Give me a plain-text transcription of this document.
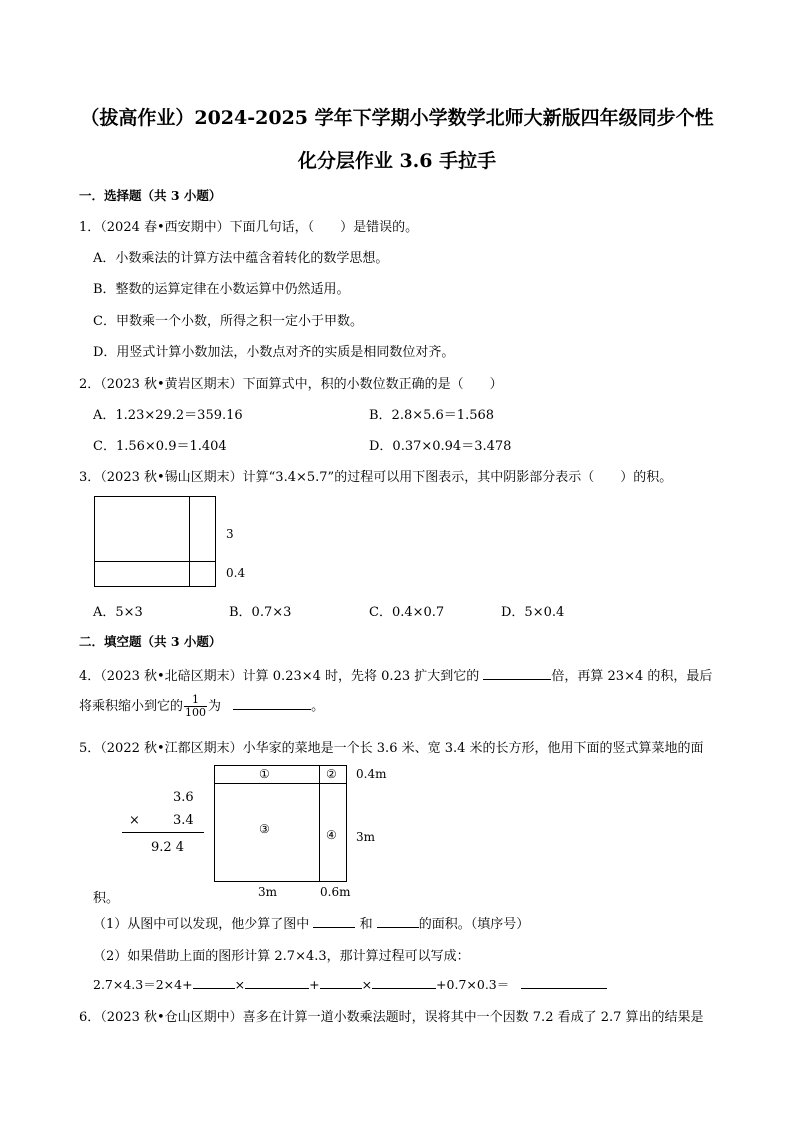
（拔高作业）2024-2025 学年下学期小学数学北师大新版四年级同步个性
化分层作业 3.6 手拉手
一．选择题（共 3 小题）
1．（2024 春•西安期中）下面几句话，（　　）是错误的。
A．小数乘法的计算方法中蕴含着转化的数学思想。
B．整数的运算定律在小数运算中仍然适用。
C．甲数乘一个小数，所得之积一定小于甲数。
D．用竖式计算小数加法，小数点对齐的实质是相同数位对齐。
2．（2023 秋•黄岩区期末）下面算式中，积的小数位数正确的是（　　）
A．1.23×29.2＝359.16	B．2.8×5.6＝1.568
C．1.56×0.9＝1.404	D．0.37×0.94＝3.478
3．（2023 秋•锡山区期末）计算“3.4×5.7”的过程可以用下图表示，其中阴影部分表示（　　）的积。
3
0.4
A．5×3	B．0.7×3	C．0.4×0.7	D．5×0.4
二．填空题（共 3 小题）
4．（2023 秋•北碚区期末）计算 0.23×4 时，先将 0.23 扩大到它的	倍，再算 23×4 的积，最后
将乘积缩小到它的 $\frac{1}{100}$ 为	。
5．（2022 秋•江都区期末）小华家的菜地是一个长 3.6 米、宽 3.4 米的长方形，他用下面的竖式算菜地的面
3.6
×	3.4
9.2 4
①	②
③	④
0.4m
3m
3m	0.6m
积。
（1）从图中可以发现，他少算了图中	和	的面积。（填序号）
（2）如果借助上面的图形计算 2.7×4.3，那计算过程可以写成：
2.7×4.3＝2×4+	×	+	×	+0.7×0.3＝
6．（2023 秋•仓山区期中）喜多在计算一道小数乘法题时，误将其中一个因数 7.2 看成了 2.7 算出的结果是
